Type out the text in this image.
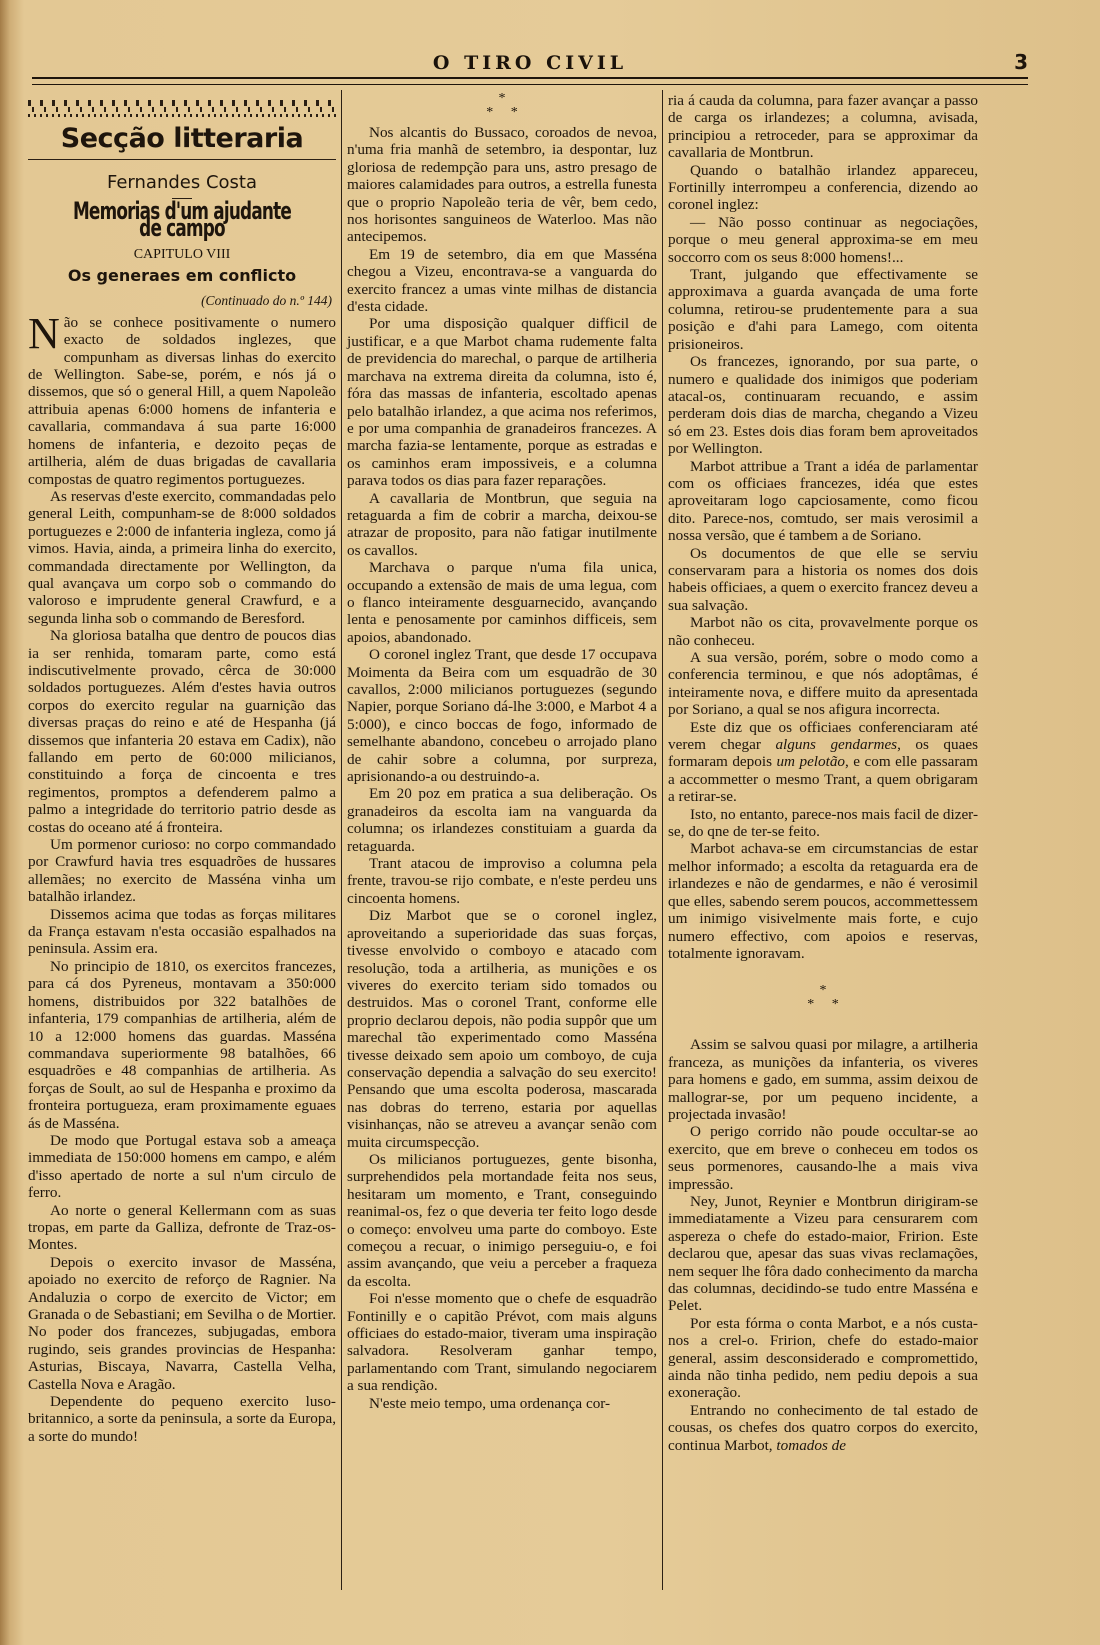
O TIRO CIVIL	3
Secção litteraria
Fernandes Costa
Memorias d'um ajudante de campo
CAPITULO VIII
Os generaes em conflicto
(Continuado do n.º 144)

Não se conhece positivamente o numero exacto de soldados inglezes, que compunham as diversas linhas do exercito de Wellington. Sabe-se, porém, e nós já o dissemos, que só o general Hill, a quem Napoleão attribuia apenas 6:000 homens de infanteria e cavallaria, commandava á sua parte 16:000 homens de infanteria, e dezoito peças de artilheria, além de duas brigadas de cavallaria compostas de quatro regimentos portuguezes.

As reservas d'este exercito, commandadas pelo general Leith, compunham-se de 8:000 soldados portuguezes e 2:000 de infanteria ingleza, como já vimos. Havia, ainda, a primeira linha do exercito, commandada directamente por Wellington, da qual avançava um corpo sob o commando do valoroso e imprudente general Crawfurd, e a segunda linha sob o commando de Beresford.

Na gloriosa batalha que dentro de poucos dias ia ser renhida, tomaram parte, como está indiscutivelmente provado, cêrca de 30:000 soldados portuguezes. Além d'estes havia outros corpos do exercito regular na guarnição das diversas praças do reino e até de Hespanha (já dissemos que infanteria 20 estava em Cadix), não fallando em perto de 60:000 milicianos, constituindo a força de cincoenta e tres regimentos, promptos a defenderem palmo a palmo a integridade do territorio patrio desde as costas do oceano até á fronteira.

Um pormenor curioso: no corpo commandado por Crawfurd havia tres esquadrões de hussares allemães; no exercito de Masséna vinha um batalhão irlandez.

Dissemos acima que todas as forças militares da França estavam n'esta occasião espalhados na peninsula. Assim era.

No principio de 1810, os exercitos francezes, para cá dos Pyreneus, montavam a 350:000 homens, distribuidos por 322 batalhões de infanteria, 179 companhias de artilheria, além de 10 a 12:000 homens das guardas. Masséna commandava superiormente 98 batalhões, 66 esquadrões e 48 companhias de artilheria. As forças de Soult, ao sul de Hespanha e proximo da fronteira portugueza, eram proximamente eguaes ás de Masséna.

De modo que Portugal estava sob a ameaça immediata de 150:000 homens em campo, e além d'isso apertado de norte a sul n'um circulo de ferro.

Ao norte o general Kellermann com as suas tropas, em parte da Galliza, defronte de Traz-os-Montes.

Depois o exercito invasor de Masséna, apoiado no exercito de reforço de Ragnier. Na Andaluzia o corpo de exercito de Victor; em Granada o de Sebastiani; em Sevilha o de Mortier. No poder dos francezes, subjugadas, embora rugindo, seis grandes provincias de Hespanha: Asturias, Biscaya, Navarra, Castella Velha, Castella Nova e Aragão.

Dependente do pequeno exercito luso-britannico, a sorte da peninsula, a sorte da Europa, a sorte do mundo!

*
* *

Nos alcantis do Bussaco, coroados de nevoa, n'uma fria manhã de setembro, ia despontar, luz gloriosa de redempção para uns, astro presago de maiores calamidades para outros, a estrella funesta que o proprio Napoleão teria de vêr, bem cedo, nos horisontes sanguineos de Waterloo. Mas não antecipemos.

Em 19 de setembro, dia em que Masséna chegou a Vizeu, encontrava-se a vanguarda do exercito francez a umas vinte milhas de distancia d'esta cidade.

Por uma disposição qualquer difficil de justificar, e a que Marbot chama rudemente falta de previdencia do marechal, o parque de artilheria marchava na extrema direita da columna, isto é, fóra das massas de infanteria, escoltado apenas pelo batalhão irlandez, a que acima nos referimos, e por uma companhia de granadeiros francezes. A marcha fazia-se lentamente, porque as estradas e os caminhos eram impossiveis, e a columna parava todos os dias para fazer reparações.

A cavallaria de Montbrun, que seguia na retaguarda a fim de cobrir a marcha, deixou-se atrazar de proposito, para não fatigar inutilmente os cavallos.

Marchava o parque n'uma fila unica, occupando a extensão de mais de uma legua, com o flanco inteiramente desguarnecido, avançando lenta e penosamente por caminhos difficeis, sem apoios, abandonado.

O coronel inglez Trant, que desde 17 occupava Moimenta da Beira com um esquadrão de 30 cavallos, 2:000 milicianos portuguezes (segundo Napier, porque Soriano dá-lhe 3:000, e Marbot 4 a 5:000), e cinco boccas de fogo, informado de semelhante abandono, concebeu o arrojado plano de cahir sobre a columna, por surpreza, aprisionando-a ou destruindo-a.

Em 20 poz em pratica a sua deliberação. Os granadeiros da escolta iam na vanguarda da columna; os irlandezes constituiam a guarda da retaguarda.

Trant atacou de improviso a columna pela frente, travou-se rijo combate, e n'este perdeu uns cincoenta homens.

Diz Marbot que se o coronel inglez, aproveitando a superioridade das suas forças, tivesse envolvido o comboyo e atacado com resolução, toda a artilheria, as munições e os viveres do exercito teriam sido tomados ou destruidos. Mas o coronel Trant, conforme elle proprio declarou depois, não podia suppôr que um marechal tão experimentado como Masséna tivesse deixado sem apoio um comboyo, de cuja conservação dependia a salvação do seu exercito! Pensando que uma escolta poderosa, mascarada nas dobras do terreno, estaria por aquellas visinhanças, não se atreveu a avançar senão com muita circumspecção.

Os milicianos portuguezes, gente bisonha, surprehendidos pela mortandade feita nos seus, hesitaram um momento, e Trant, conseguindo reanimal-os, fez o que deveria ter feito logo desde o começo: envolveu uma parte do comboyo. Este começou a recuar, o inimigo perseguiu-o, e foi assim avançando, que veiu a perceber a fraqueza da escolta.

Foi n'esse momento que o chefe de esquadrão Fontinilly e o capitão Prévot, com mais alguns officiaes do estado-maior, tiveram uma inspiração salvadora. Resolveram ganhar tempo, parlamentando com Trant, simulando negociarem a sua rendição.

N'este meio tempo, uma ordenança cor-

ria á cauda da columna, para fazer avançar a passo de carga os irlandezes; a columna, avisada, principiou a retroceder, para se approximar da cavallaria de Montbrun.

Quando o batalhão irlandez appareceu, Fortinilly interrompeu a conferencia, dizendo ao coronel inglez:

— Não posso continuar as negociações, porque o meu general approxima-se em meu soccorro com os seus 8:000 homens!...

Trant, julgando que effectivamente se approximava a guarda avançada de uma forte columna, retirou-se prudentemente para a sua posição e d'ahi para Lamego, com oitenta prisioneiros.

Os francezes, ignorando, por sua parte, o numero e qualidade dos inimigos que poderiam atacal-os, continuaram recuando, e assim perderam dois dias de marcha, chegando a Vizeu só em 23. Estes dois dias foram bem aproveitados por Wellington.

Marbot attribue a Trant a idéa de parlamentar com os officiaes francezes, idéa que estes aproveitaram logo capciosamente, como ficou dito. Parece-nos, comtudo, ser mais verosimil a nossa versão, que é tambem a de Soriano.

Os documentos de que elle se serviu conservaram para a historia os nomes dos dois habeis officiaes, a quem o exercito francez deveu a sua salvação.

Marbot não os cita, provavelmente porque os não conheceu.

A sua versão, porém, sobre o modo como a conferencia terminou, e que nós adoptâmas, é inteiramente nova, e differe muito da apresentada por Soriano, a qual se nos afigura incorrecta.

Este diz que os officiaes conferenciaram até verem chegar alguns gendarmes, os quaes formaram depois um pelotão, e com elle passaram a accommetter o mesmo Trant, a quem obrigaram a retirar-se.

Isto, no entanto, parece-nos mais facil de dizer-se, do qne de ter-se feito.

Marbot achava-se em circumstancias de estar melhor informado; a escolta da retaguarda era de irlandezes e não de gendarmes, e não é verosimil que elles, sabendo serem poucos, accommettessem um inimigo visivelmente mais forte, e cujo numero effectivo, com apoios e reservas, totalmente ignoravam.

*
* *

Assim se salvou quasi por milagre, a artilheria franceza, as munições da infanteria, os viveres para homens e gado, em summa, assim deixou de mallograr-se, por um pequeno incidente, a projectada invasão!

O perigo corrido não poude occultar-se ao exercito, que em breve o conheceu em todos os seus pormenores, causando-lhe a mais viva impressão.

Ney, Junot, Reynier e Montbrun dirigiram-se immediatamente a Vizeu para censurarem com aspereza o chefe do estado-maior, Fririon. Este declarou que, apesar das suas vivas reclamações, nem sequer lhe fôra dado conhecimento da marcha das columnas, decidindo-se tudo entre Masséna e Pelet.

Por esta fórma o conta Marbot, e a nós custa-nos a crel-o. Fririon, chefe do estado-maior general, assim desconsiderado e compromettido, ainda não tinha pedido, nem pediu depois a sua exoneração.

Entrando no conhecimento de tal estado de cousas, os chefes dos quatro corpos do exercito, continua Marbot, tomados de
